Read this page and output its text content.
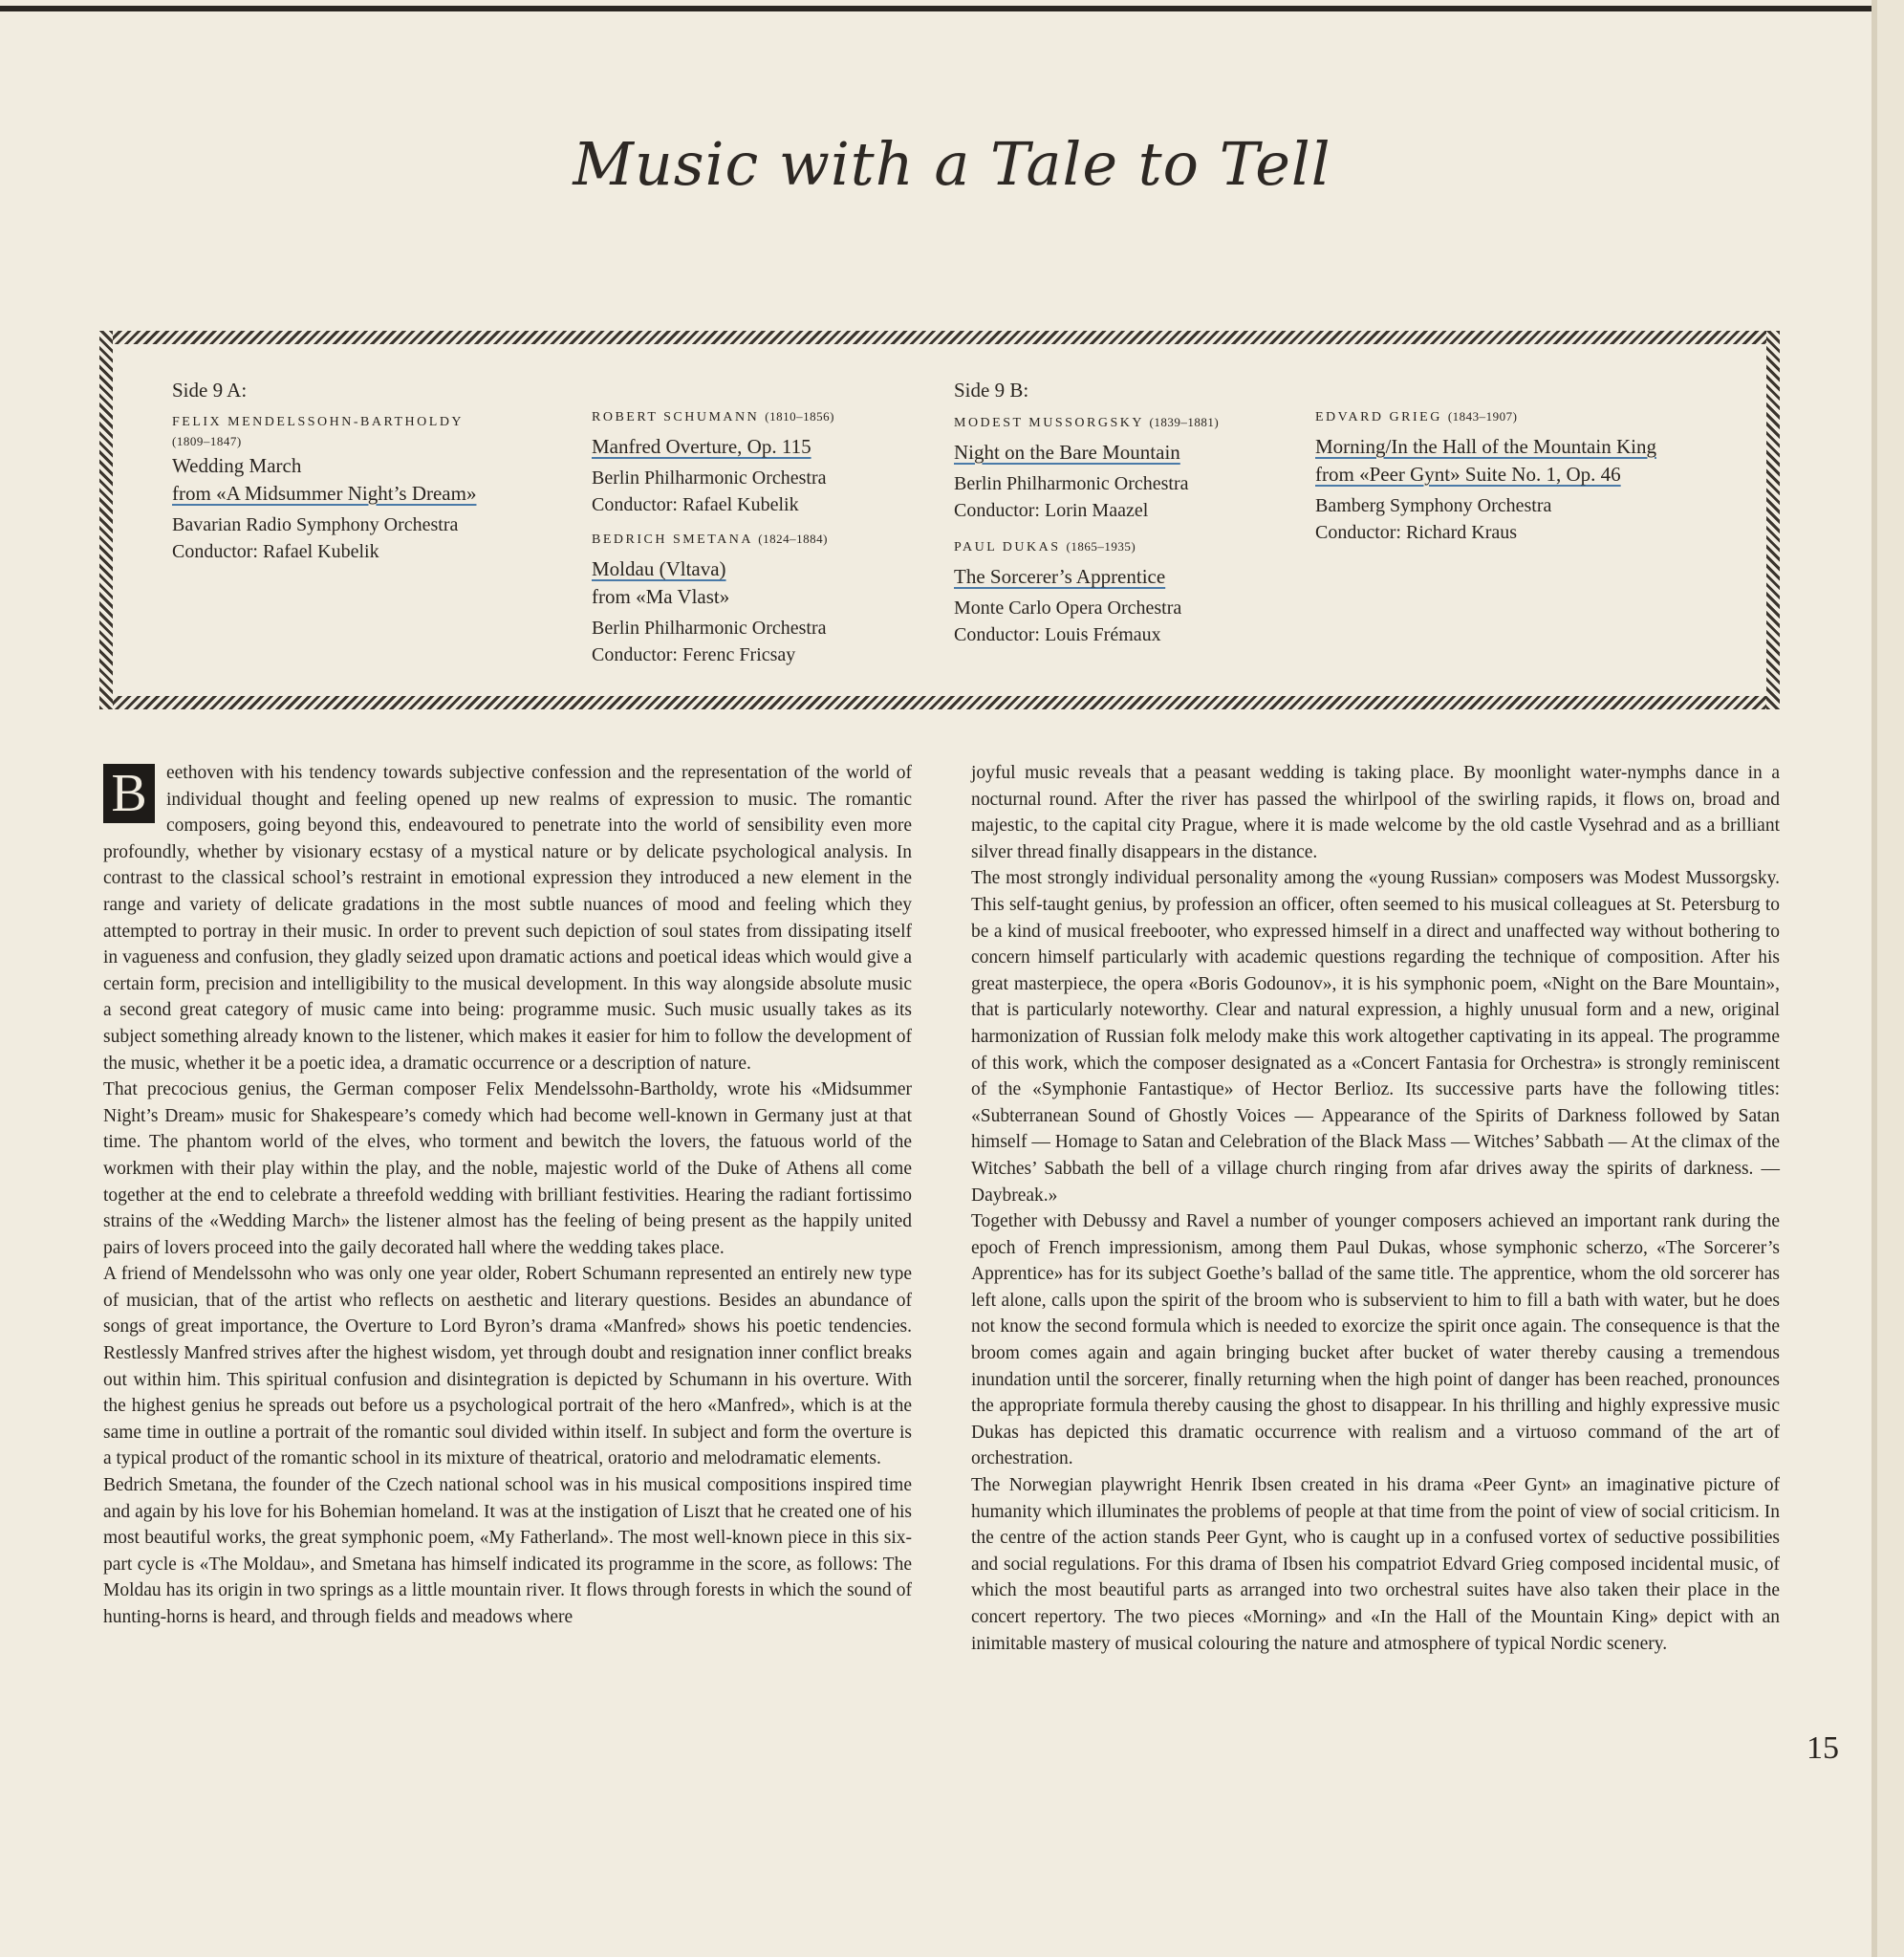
Music with a Tale to Tell
Side 9 A:
FELIX MENDELSSOHN-BARTHOLDY
(1809–1847)
Wedding March
from «A Midsummer Night’s Dream»
Bavarian Radio Symphony Orchestra
Conductor: Rafael Kubelik
ROBERT SCHUMANN (1810–1856)
Manfred Overture, Op. 115
Berlin Philharmonic Orchestra
Conductor: Rafael Kubelik
BEDRICH SMETANA (1824–1884)
Moldau (Vltava)
from «Ma Vlast»
Berlin Philharmonic Orchestra
Conductor: Ferenc Fricsay
Side 9 B:
MODEST MUSSORGSKY (1839–1881)
Night on the Bare Mountain
Berlin Philharmonic Orchestra
Conductor: Lorin Maazel
PAUL DUKAS (1865–1935)
The Sorcerer’s Apprentice
Monte Carlo Opera Orchestra
Conductor: Louis Frémaux
EDVARD GRIEG (1843–1907)
Morning/In the Hall of the Mountain King
from «Peer Gynt» Suite No. 1, Op. 46
Bamberg Symphony Orchestra
Conductor: Richard Kraus

B	eethoven with his tendency towards subjective confession and the representation of the world of individual thought and feeling opened up new realms of expression to music. The romantic composers, going beyond this, endeavoured to penetrate into the world of sensibility even more profoundly, whether by visionary ecstasy of a mystical nature or by delicate psychological analysis. In contrast to the classical school’s restraint in emotional expression they introduced a new element in the range and variety of delicate gradations in the most subtle nuances of mood and feeling which they attempted to portray in their music. In order to prevent such depiction of soul states from dissipating itself in vagueness and confusion, they gladly seized upon dramatic actions and poetical ideas which would give a certain form, precision and intelligibility to the musical development. In this way alongside absolute music a second great category of music came into being: programme music. Such music usually takes as its subject something already known to the listener, which makes it easier for him to follow the development of the music, whether it be a poetic idea, a dramatic occurrence or a description of nature.

That precocious genius, the German composer Felix Mendelssohn-Bartholdy, wrote his «Midsummer Night’s Dream» music for Shakespeare’s comedy which had become well-known in Germany just at that time. The phantom world of the elves, who torment and bewitch the lovers, the fatuous world of the workmen with their play within the play, and the noble, majestic world of the Duke of Athens all come together at the end to celebrate a threefold wedding with brilliant festivities. Hearing the radiant fortissimo strains of the «Wedding March» the listener almost has the feeling of being present as the happily united pairs of lovers proceed into the gaily decorated hall where the wedding takes place.

A friend of Mendelssohn who was only one year older, Robert Schumann represented an entirely new type of musician, that of the artist who reflects on aesthetic and literary questions. Besides an abundance of songs of great importance, the Overture to Lord Byron’s drama «Manfred» shows his poetic tendencies. Restlessly Manfred strives after the highest wisdom, yet through doubt and resignation inner conflict breaks out within him. This spiritual confusion and disintegration is depicted by Schumann in his overture. With the highest genius he spreads out before us a psychological portrait of the hero «Manfred», which is at the same time in outline a portrait of the romantic soul divided within itself. In subject and form the overture is a typical product of the romantic school in its mixture of theatrical, oratorio and melodramatic elements.

Bedrich Smetana, the founder of the Czech national school was in his musical compositions inspired time and again by his love for his Bohemian homeland. It was at the instigation of Liszt that he created one of his most beautiful works, the great symphonic poem, «My Fatherland». The most well-known piece in this six-part cycle is «The Moldau», and Smetana has himself indicated its programme in the score, as follows: The Moldau has its origin in two springs as a little mountain river. It flows through forests in which the sound of hunting-horns is heard, and through fields and meadows where

joyful music reveals that a peasant wedding is taking place. By moonlight water-nymphs dance in a nocturnal round. After the river has passed the whirlpool of the swirling rapids, it flows on, broad and majestic, to the capital city Prague, where it is made welcome by the old castle Vysehrad and as a brilliant silver thread finally disappears in the distance.

The most strongly individual personality among the «young Russian» composers was Modest Mussorgsky. This self-taught genius, by profession an officer, often seemed to his musical colleagues at St. Petersburg to be a kind of musical freebooter, who expressed himself in a direct and unaffected way without bothering to concern himself particularly with academic questions regarding the technique of composition. After his great masterpiece, the opera «Boris Godounov», it is his symphonic poem, «Night on the Bare Mountain», that is particularly noteworthy. Clear and natural expression, a highly unusual form and a new, original harmonization of Russian folk melody make this work altogether captivating in its appeal. The programme of this work, which the composer designated as a «Concert Fantasia for Orchestra» is strongly reminiscent of the «Symphonie Fantastique» of Hector Berlioz. Its successive parts have the following titles: «Subterranean Sound of Ghostly Voices — Appearance of the Spirits of Darkness followed by Satan himself — Homage to Satan and Celebration of the Black Mass — Witches’ Sabbath — At the climax of the Witches’ Sabbath the bell of a village church ringing from afar drives away the spirits of darkness. — Daybreak.»

Together with Debussy and Ravel a number of younger composers achieved an important rank during the epoch of French impressionism, among them Paul Dukas, whose symphonic scherzo, «The Sorcerer’s Apprentice» has for its subject Goethe’s ballad of the same title. The apprentice, whom the old sorcerer has left alone, calls upon the spirit of the broom who is subservient to him to fill a bath with water, but he does not know the second formula which is needed to exorcize the spirit once again. The consequence is that the broom comes again and again bringing bucket after bucket of water thereby causing a tremendous inundation until the sorcerer, finally returning when the high point of danger has been reached, pronounces the appropriate formula thereby causing the ghost to disappear. In his thrilling and highly expressive music Dukas has depicted this dramatic occurrence with realism and a virtuoso command of the art of orchestration.

The Norwegian playwright Henrik Ibsen created in his drama «Peer Gynt» an imaginative picture of humanity which illuminates the problems of people at that time from the point of view of social criticism. In the centre of the action stands Peer Gynt, who is caught up in a confused vortex of seductive possibilities and social regulations. For this drama of Ibsen his compatriot Edvard Grieg composed incidental music, of which the most beautiful parts as arranged into two orchestral suites have also taken their place in the concert repertory. The two pieces «Morning» and «In the Hall of the Mountain King» depict with an inimitable mastery of musical colouring the nature and atmosphere of typical Nordic scenery.

15
